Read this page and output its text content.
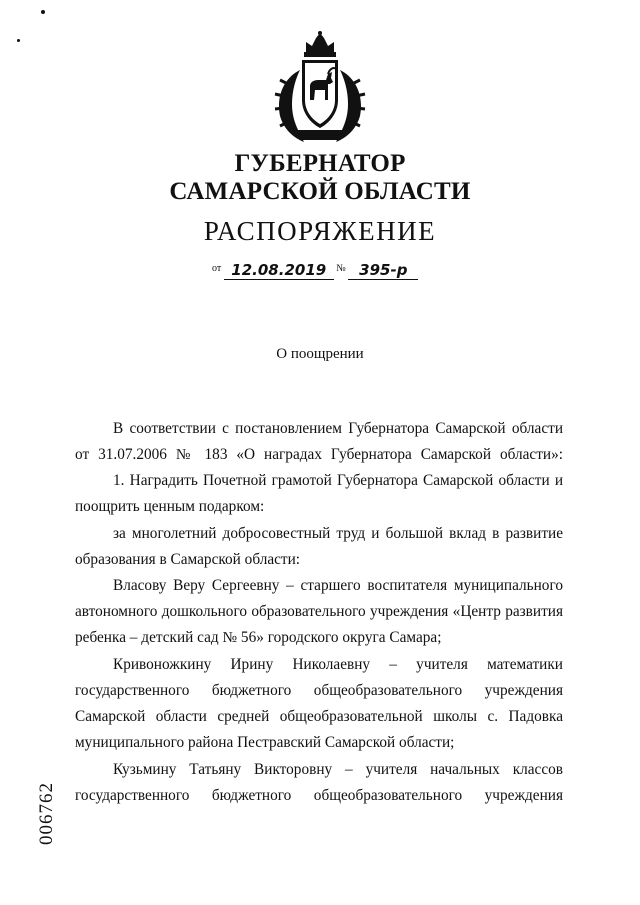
ГУБЕРНАТОР
САМАРСКОЙ ОБЛАСТИ
РАСПОРЯЖЕНИЕ
от 12.08.2019 № 395-р
О поощрении
В соответствии с постановлением Губернатора Самарской области
от 31.07.2006 № 183 «О наградах Губернатора Самарской области»:
1. Наградить Почетной грамотой Губернатора Самарской области и
поощрить ценным подарком:
за многолетний добросовестный труд и большой вклад в развитие
образования в Самарской области:
Власову Веру Сергеевну – старшего воспитателя муниципального
автономного дошкольного образовательного учреждения «Центр развития
ребенка – детский сад № 56» городского округа Самара;
Кривоножкину Ирину Николаевну – учителя математики
государственного бюджетного общеобразовательного учреждения
Самарской области средней общеобразовательной школы с. Падовка
муниципального района Пестравский Самарской области;
Кузьмину Татьяну Викторовну – учителя начальных классов
государственного бюджетного общеобразовательного учреждения
006762
